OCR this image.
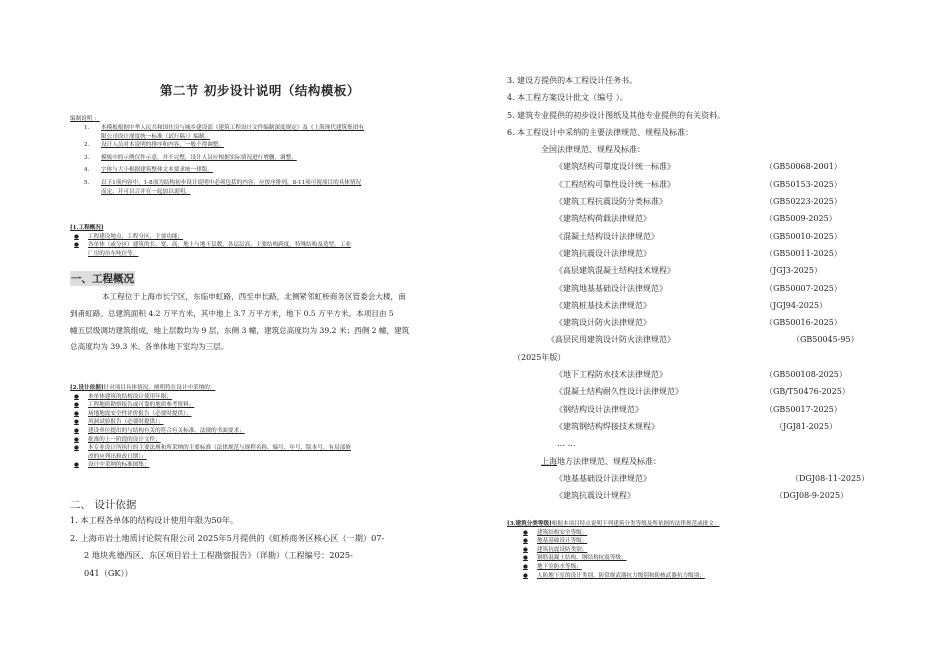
第二节 初步设计说明（结构模板）
编制说明 ：
1.	本模板根据中华人民共和国住房与城乡建设部《建筑工程设计文件编制深度规定》及《上海现代建筑集团有
限公司设计深度统一标准（试行稿）》编制。
2.	设计人员对本说明的排序和内容，一般不得调整。
3.	模板中的示例仅作示意，并不完整，设计人员应根据实际情况进行增删、调整。
4.	字体与大小根据建筑整体文本要求统一排版。
5.	以下1项内容中，1-8项为结构初步设计说明中必须包括的内容，应按序排列，8-11项可视项目的具体情况
而定，并可以合并在一起加以说明。
[1.工程概况]
●	工程建设地点，工程分区，主要功能；
●	各单体（或分区）建筑的长、宽、高，地上与地下层数，各层层高，主要结构跨度，特殊结构及造型，工业
厂房的吊车吨位等。
一、工程概况

本工程位于上海市长宁区，东临申虹路，西至申长路，北侧紧邻虹桥商务区管委会大楼，南

到甬虹路。总建筑面积 4.2 万平方米，其中地上 3.7 万平方米，地下 0.5 万平方米。本项目由 5
幢五层级调坊建筑组成，地上层数均为 9 层，东侧 3 幢，建筑总高度均为 39.2 米；西侧 2 幢，建筑
总高度均为 39.3 米。各单体地下室均为三层。
[2.设计依据]针对项目具体情况，阐明将在设计中采纳的：
●	本单体建筑的结构设计使用年限；
●	工程地质勘察报告或可靠的地质参考资料；
●	场地地震安全性评价报告（必要时提供）；
●	风洞试验报告（必要时提供）；
●	建设单位提出的与结构有关的符合有关标准、法规的书面要求；
●	批准的上一阶段的设计文件；
●	本专业设计所执行的主要法规和所采纳的主要标准（法律规范与规程名称、编号、年号、版本号，有局部修
改的应列出修改日期）；
●	设计中采纳的标准图集；
二、 设计依据
1. 本工程各单体的结构设计使用年限为50年。
2. 上海市岩土地质讨论院有限公司 2025年5月提供的《虹桥商务区核心区（一期）07-
2 地块兆德西区、东区项目岩土工程勘察报告》（详勘）（工程编号：2025-
041（GK））
3. 建设方提供的本工程设计任务书。
4. 本工程方案设计批文（编号 ）。
5. 建筑专业提供的初步设计图纸及其他专业提供的有关资料。
6. 本工程设计中采纳的主要法律规范、规程及标准：
全国法律规范、规程及标准：
《建筑结构可靠度设计统一标准》	（GB50068-2001）
《工程结构可靠性设计统一标准》	（GB50153-2025）
《建筑工程抗震设防分类标准》	（GB50223-2025）
《建筑结构荷载法律规范》	（GB5009-2025）
《混凝土结构设计法律规范》	（GB50010-2025）
《建筑抗震设计法律规范》	（GB50011-2025）
《高层建筑混凝土结构技术规程》	（JGJ3-2025）
《建筑地基基础设计法律规范》	（GB50007-2025）
《建筑桩基技术法律规范》	（JGJ94-2025）
《建筑设计防火法律规范》	（GB50016-2025）
《高层民用建筑设计防火法律规范》	（GB50045-95）
（2025年版）
《地下工程防水技术法律规范》	（GB500108-2025）
《混凝土结构耐久性设计法律规范》	（GB/T50476-2025）
《钢结构设计法律规范》	（GB50017-2025）
《建筑钢结构焊接技术规程》	（JGJ81-2025）
… …
上海地方法律规范、规程及标准：
《地基基础设计法律规范》	（DGJ08-11-2025）
《建筑抗震设计规程》	（DGJ08-9-2025）
[3.建筑分类等级]根据本项目特点说明下列建筑分类等级及所依据的法律规范或批文：
●	建筑结构安全等级；
●	地基基础设计等级；
●	建筑抗震设防类别；
●	钢筋混凝土结构、钢结构抗震等级；
●	地下室防水等级；
●	人防地下室的设计类别、防常规武器抗力级别和防核武器抗力级别；
